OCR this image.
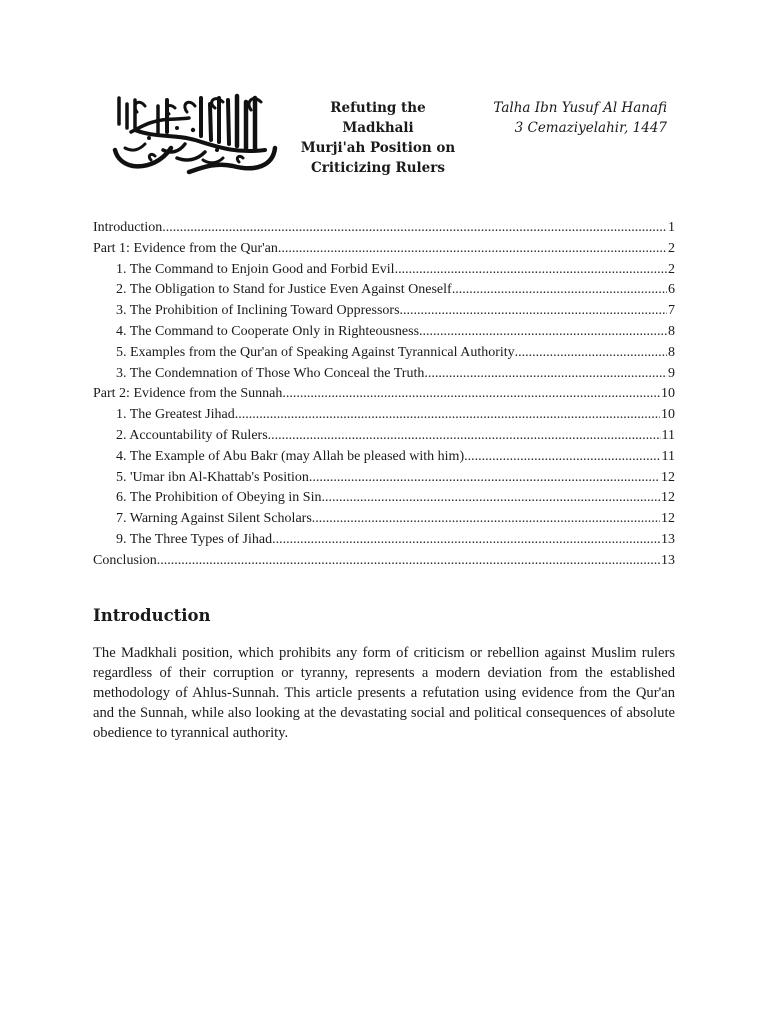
Refuting the Madkhali
Murji'ah Position on
Criticizing Rulers
Talha Ibn Yusuf Al Hanafi
3 Cemaziyelahir, 1447
Introduction .....	1
Part 1: Evidence from the Qur'an .....	2
1. The Command to Enjoin Good and Forbid Evil .....	2
2. The Obligation to Stand for Justice Even Against Oneself .....	6
3. The Prohibition of Inclining Toward Oppressors .....	7
4. The Command to Cooperate Only in Righteousness .....	8
5. Examples from the Qur'an of Speaking Against Tyrannical Authority .....	8
3. The Condemnation of Those Who Conceal the Truth .....	9
Part 2: Evidence from the Sunnah .....	10
1. The Greatest Jihad .....	10
2. Accountability of Rulers .....	11
4. The Example of Abu Bakr (may Allah be pleased with him) .....	11
5. 'Umar ibn Al-Khattab's Position .....	12
6. The Prohibition of Obeying in Sin .....	12
7. Warning Against Silent Scholars .....	12
9. The Three Types of Jihad .....	13
Conclusion .....	13
Introduction
The Madkhali position, which prohibits any form of criticism or rebellion against Muslim rulers regardless of their corruption or tyranny, represents a modern deviation from the established methodology of Ahlus-Sunnah. This article presents a refutation using evidence from the Qur'an and the Sunnah, while also looking at the devastating social and political consequences of absolute obedience to tyrannical authority.
